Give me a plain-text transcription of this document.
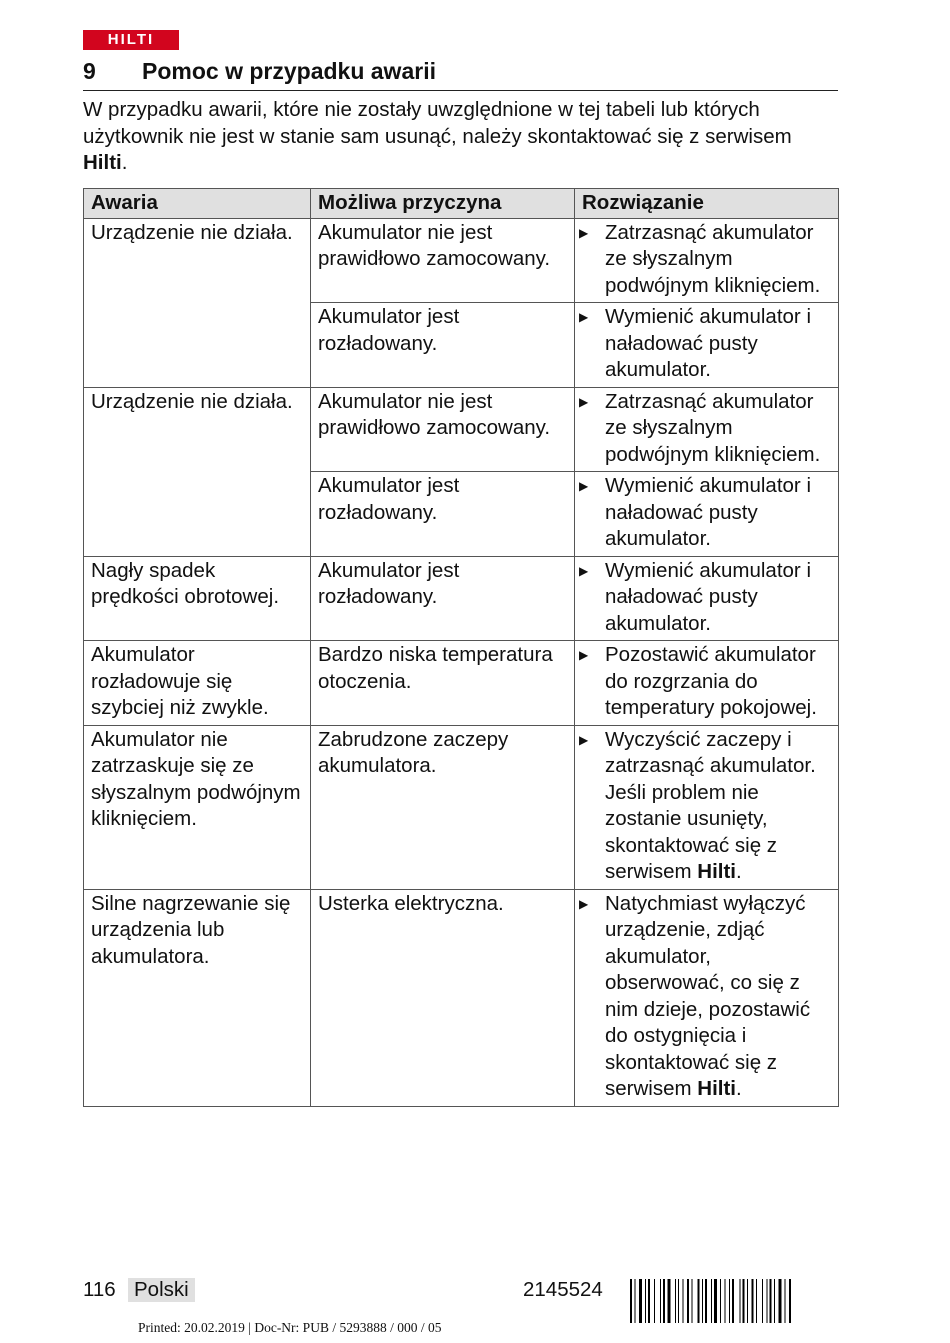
HILTI
9 Pomoc w przypadku awarii

W przypadku awarii, które nie zostały uwzględnione w tej tabeli lub których użytkownik nie jest w stanie sam usunąć, należy skontaktować się z serwisem Hilti.

Awaria	Możliwa przyczyna	Rozwiązanie
Urządzenie nie działa.	Akumulator nie jest prawidłowo zamocowany.	▶ Zatrzasnąć akumulator ze słyszalnym podwójnym kliknięciem.

	Akumulator jest rozładowany.	▶ Wymienić akumulator i naładować pusty akumulator.

Urządzenie nie działa.	Akumulator nie jest prawidłowo zamocowany.	▶ Zatrzasnąć akumulator ze słyszalnym podwójnym kliknięciem.

	Akumulator jest rozładowany.	▶ Wymienić akumulator i naładować pusty akumulator.

Nagły spadek prędkości obrotowej.	Akumulator jest rozładowany.	▶ Wymienić akumulator i naładować pusty akumulator.

Akumulator rozładowuje się szybciej niż zwykle.	Bardzo niska temperatura otoczenia.	▶ Pozostawić akumulator do rozgrzania do temperatury pokojowej.

Akumulator nie zatrzaskuje się ze słyszalnym podwójnym kliknięciem.	Zabrudzone zaczepy akumulatora.	▶ Wyczyścić zaczepy i zatrzasnąć akumulator. Jeśli problem nie zostanie usunięty, skontaktować się z serwisem Hilti.

Silne nagrzewanie się urządzenia lub akumulatora.	Usterka elektryczna.	▶ Natychmiast wyłączyć urządzenie, zdjąć akumulator, obserwować, co się z nim dzieje, pozostawić do ostygnięcia i skontaktować się z serwisem Hilti.
116 Polski	2145524
Printed: 20.02.2019 | Doc-Nr: PUB / 5293888 / 000 / 05
